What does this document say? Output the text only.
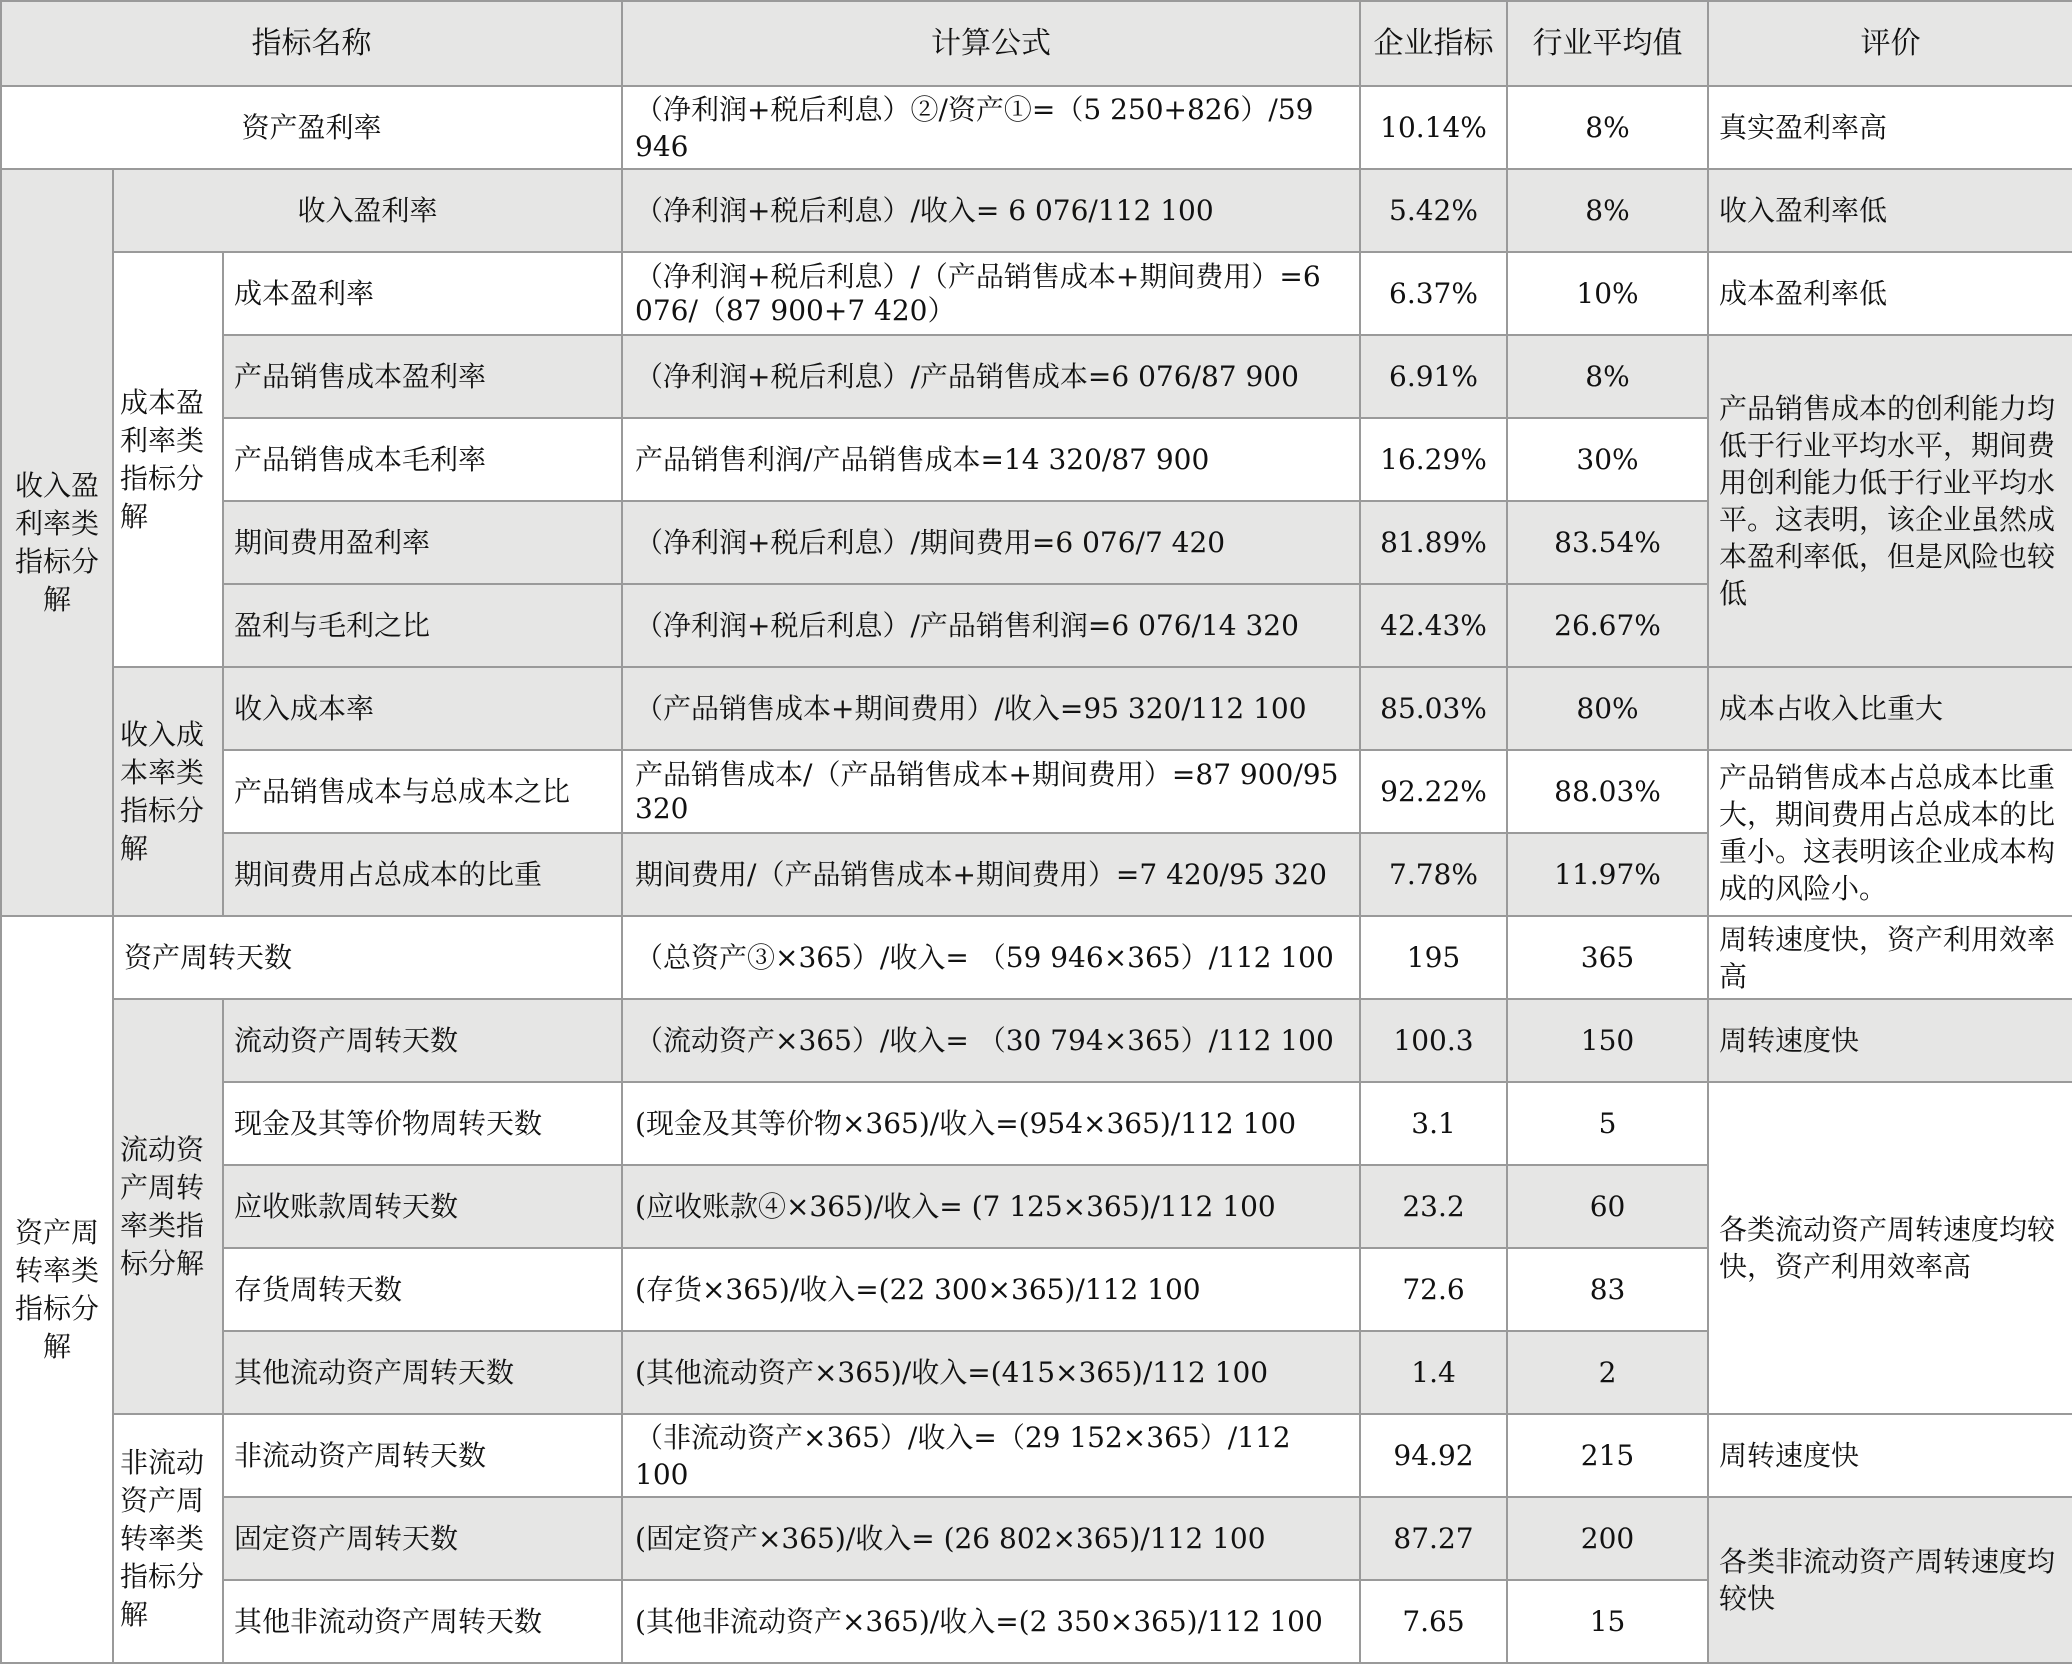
指标名称			计算公式	企业指标	行业平均值	评价
资产盈利率			（净利润+税后利息）②/资产①=（5 250+826）/59 946	10.14%	8%	真实盈利率高
收入盈利率类指标分解	收入盈利率		（净利润+税后利息）/收入= 6 076/112 100	5.42%	8%	收入盈利率低
	成本盈利率类指标分解	成本盈利率	（净利润+税后利息）/（产品销售成本+期间费用）=6 076/（87 900+7 420）	6.37%	10%	成本盈利率低
		产品销售成本盈利率	（净利润+税后利息）/产品销售成本=6 076/87 900	6.91%	8%	产品销售成本的创利能力均低于行业平均水平，期间费用创利能力低于行业平均水平。这表明，该企业虽然成本盈利率低，但是风险也较低
		产品销售成本毛利率	产品销售利润/产品销售成本=14 320/87 900	16.29%	30%	
		期间费用盈利率	（净利润+税后利息）/期间费用=6 076/7 420	81.89%	83.54%	
		盈利与毛利之比	（净利润+税后利息）/产品销售利润=6 076/14 320	42.43%	26.67%	
	收入成本率类指标分解	收入成本率	（产品销售成本+期间费用）/收入=95 320/112 100	85.03%	80%	成本占收入比重大
		产品销售成本与总成本之比	产品销售成本/（产品销售成本+期间费用）=87 900/95 320	92.22%	88.03%	产品销售成本占总成本比重大，期间费用占总成本的比重小。这表明该企业成本构成的风险小。
		期间费用占总成本的比重	期间费用/（产品销售成本+期间费用）=7 420/95 320	7.78%	11.97%	
资产周转率类指标分解	资产周转天数		（总资产③×365）/收入= （59 946×365）/112 100	195	365	周转速度快，资产利用效率高
	流动资产周转率类指标分解	流动资产周转天数	（流动资产×365）/收入= （30 794×365）/112 100	100.3	150	周转速度快
		现金及其等价物周转天数	(现金及其等价物×365)/收入=(954×365)/112 100	3.1	5	各类流动资产周转速度均较快，资产利用效率高
		应收账款周转天数	(应收账款④×365)/收入= (7 125×365)/112 100	23.2	60	
		存货周转天数	(存货×365)/收入=(22 300×365)/112 100	72.6	83	
		其他流动资产周转天数	(其他流动资产×365)/收入=(415×365)/112 100	1.4	2	
	非流动资产周转率类指标分解	非流动资产周转天数	（非流动资产×365）/收入=（29 152×365）/112 100	94.92	215	周转速度快
		固定资产周转天数	(固定资产×365)/收入= (26 802×365)/112 100	87.27	200	各类非流动资产周转速度均较快
		其他非流动资产周转天数	(其他非流动资产×365)/收入=(2 350×365)/112 100	7.65	15	
